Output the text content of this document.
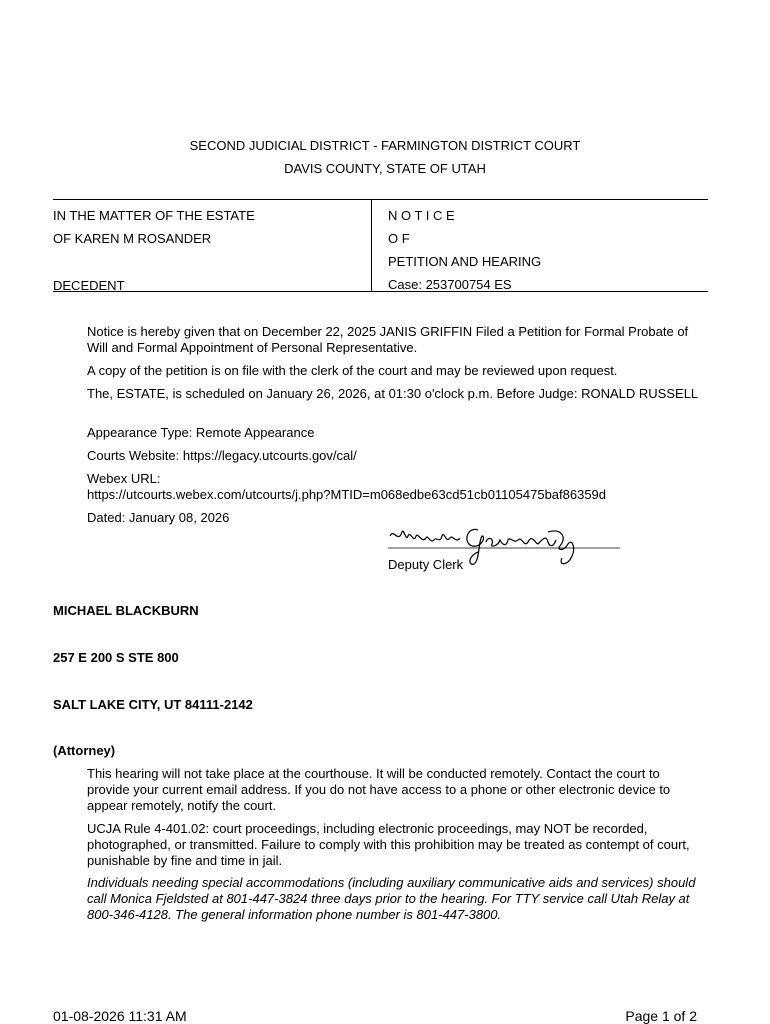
SECOND JUDICIAL DISTRICT - FARMINGTON DISTRICT COURT
DAVIS COUNTY, STATE OF UTAH
IN THE MATTER OF THE ESTATE
OF KAREN M ROSANDER
DECEDENT
N O T I C E
O F
PETITION AND HEARING
Case: 253700754 ES
Notice is hereby given that on December 22, 2025 JANIS GRIFFIN Filed a Petition for Formal Probate of Will and Formal Appointment of Personal Representative.
A copy of the petition is on file with the clerk of the court and may be reviewed upon request.
The, ESTATE, is scheduled on January 26, 2026, at 01:30 o'clock p.m. Before Judge: RONALD RUSSELL
Appearance Type: Remote Appearance
Courts Website: https://legacy.utcourts.gov/cal/
Webex URL:
https://utcourts.webex.com/utcourts/j.php?MTID=m068edbe63cd51cb01105475baf86359d
Dated: January 08, 2026
Deputy Clerk
MICHAEL BLACKBURN
257 E 200 S STE 800
SALT LAKE CITY, UT 84111-2142
(Attorney)
This hearing will not take place at the courthouse. It will be conducted remotely. Contact the court to provide your current email address. If you do not have access to a phone or other electronic device to appear remotely, notify the court.
UCJA Rule 4-401.02: court proceedings, including electronic proceedings, may NOT be recorded, photographed, or transmitted. Failure to comply with this prohibition may be treated as contempt of court, punishable by fine and time in jail.
Individuals needing special accommodations (including auxiliary communicative aids and services) should call Monica Fjeldsted at 801-447-3824 three days prior to the hearing. For TTY service call Utah Relay at 800-346-4128. The general information phone number is 801-447-3800.
01-08-2026 11:31 AM	Page 1 of 2
